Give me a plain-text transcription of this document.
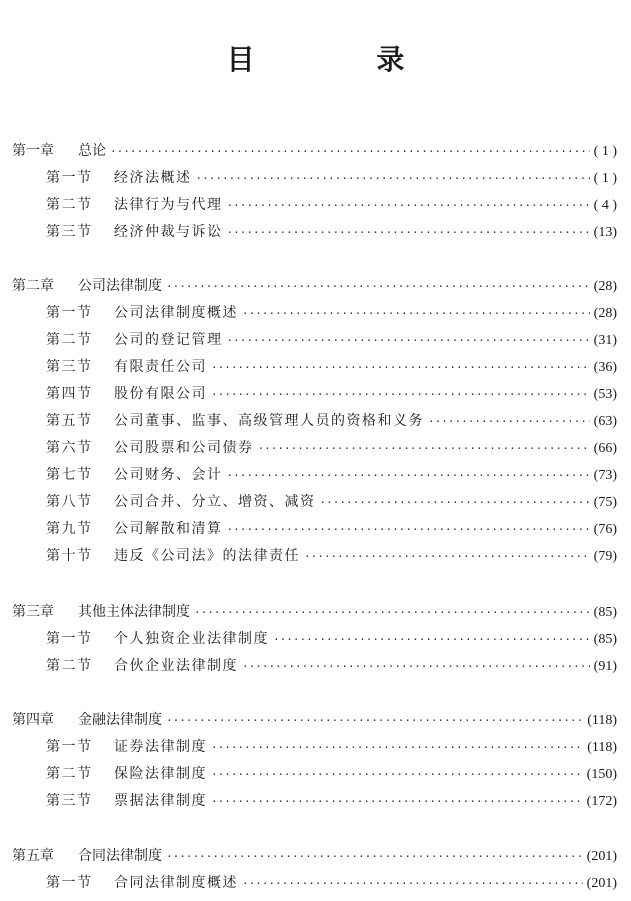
目 录
第一章	总论 ·····	( 1 )
第一节	经济法概述 ·····	( 1 )
第二节	法律行为与代理 ·····	( 4 )
第三节	经济仲裁与诉讼 ·····	(13)
第二章	公司法律制度 ·····	(28)
第一节	公司法律制度概述 ·····	(28)
第二节	公司的登记管理 ·····	(31)
第三节	有限责任公司 ·····	(36)
第四节	股份有限公司 ·····	(53)
第五节	公司董事、监事、高级管理人员的资格和义务 ·····	(63)
第六节	公司股票和公司债券 ·····	(66)
第七节	公司财务、会计 ·····	(73)
第八节	公司合并、分立、增资、减资 ·····	(75)
第九节	公司解散和清算 ·····	(76)
第十节	违反《公司法》的法律责任 ·····	(79)
第三章	其他主体法律制度 ·····	(85)
第一节	个人独资企业法律制度 ·····	(85)
第二节	合伙企业法律制度 ·····	(91)
第四章	金融法律制度 ·····	(118)
第一节	证券法律制度 ·····	(118)
第二节	保险法律制度 ·····	(150)
第三节	票据法律制度 ·····	(172)
第五章	合同法律制度 ·····	(201)
第一节	合同法律制度概述 ·····	(201)
